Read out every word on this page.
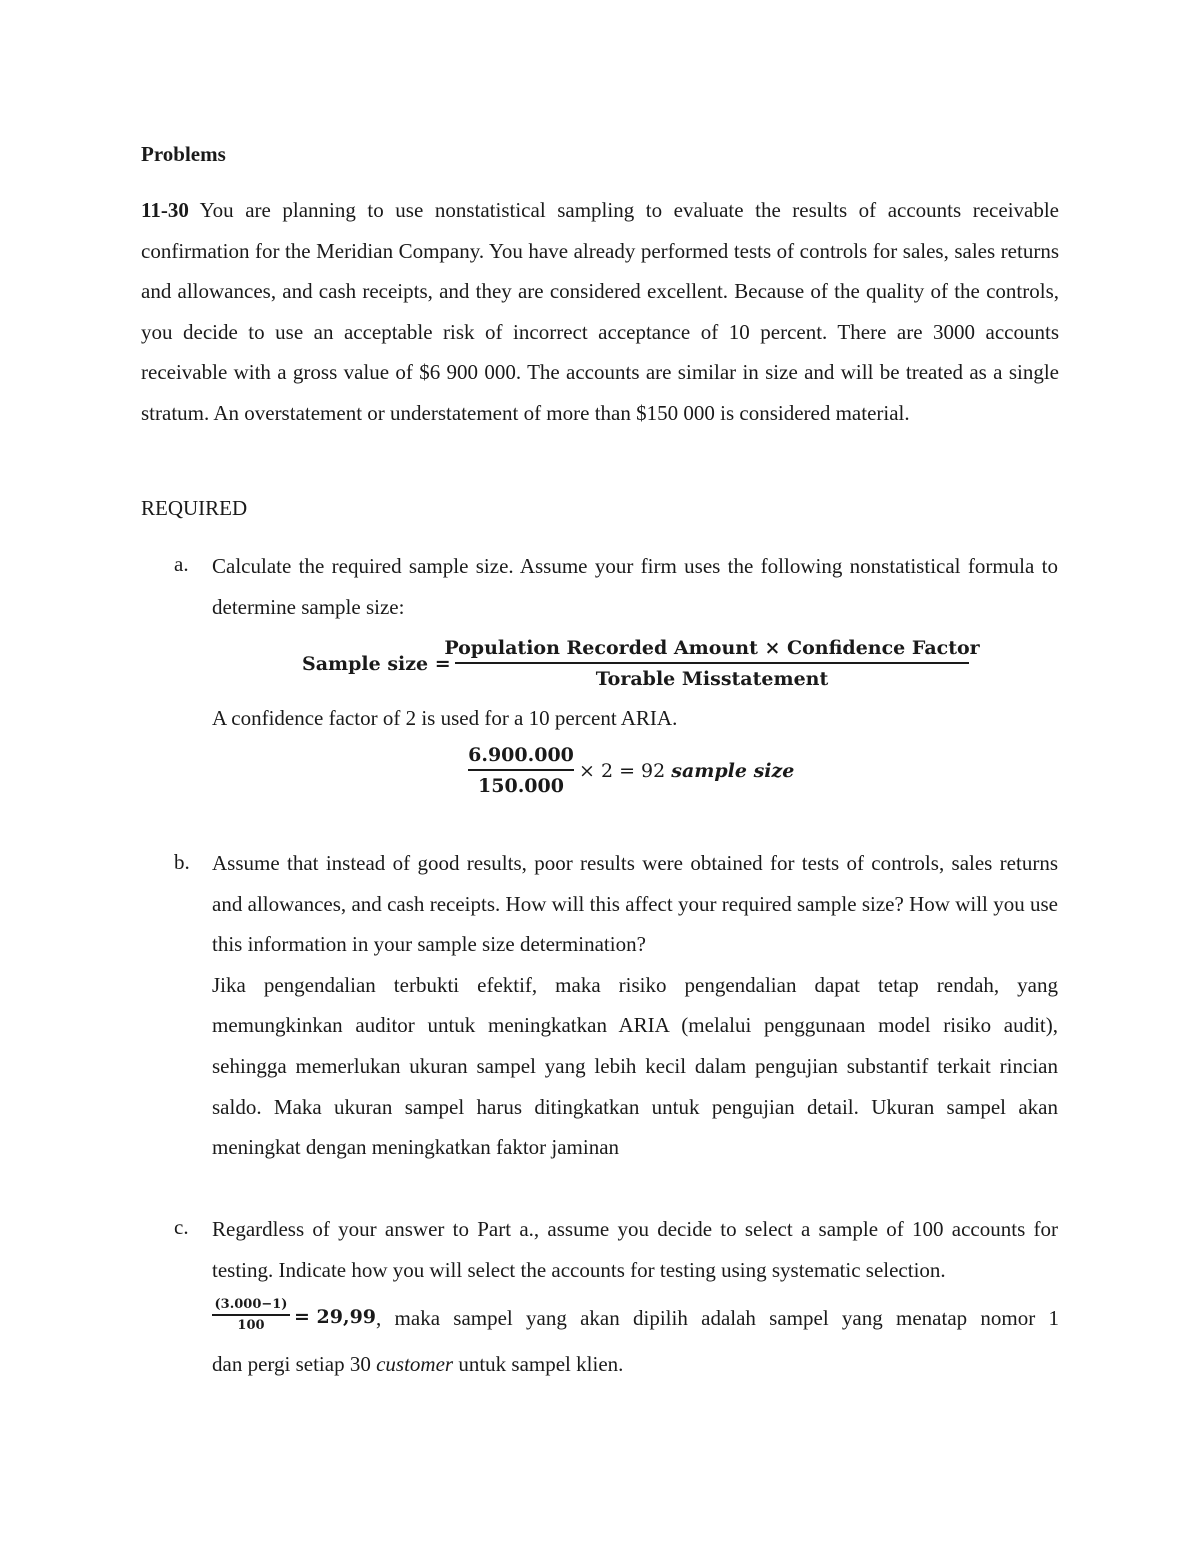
Problems
11-30 You are planning to use nonstatistical sampling to evaluate the results of accounts receivable confirmation for the Meridian Company. You have already performed tests of controls for sales, sales returns and allowances, and cash receipts, and they are considered excellent. Because of the quality of the controls, you decide to use an acceptable risk of incorrect acceptance of 10 percent. There are 3000 accounts receivable with a gross value of $6 900 000. The accounts are similar in size and will be treated as a single stratum. An overstatement or understatement of more than $150 000 is considered material.
REQUIRED
a. Calculate the required sample size. Assume your firm uses the following nonstatistical formula to determine sample size:
Sample size =
Population Recorded Amount × Confidence Factor
Torable Misstatement
A confidence factor of 2 is used for a 10 percent ARIA.
6.900.000
150.000
× 2 = 92 sample size
b. Assume that instead of good results, poor results were obtained for tests of controls, sales returns and allowances, and cash receipts. How will this affect your required sample size? How will you use this information in your sample size determination?
Jika pengendalian terbukti efektif, maka risiko pengendalian dapat tetap rendah, yang memungkinkan auditor untuk meningkatkan ARIA (melalui penggunaan model risiko audit), sehingga memerlukan ukuran sampel yang lebih kecil dalam pengujian substantif terkait rincian saldo. Maka ukuran sampel harus ditingkatkan untuk pengujian detail. Ukuran sampel akan meningkat dengan meningkatkan faktor jaminan
c. Regardless of your answer to Part a., assume you decide to select a sample of 100 accounts for testing. Indicate how you will select the accounts for testing using systematic selection.
(3.000−1)
100 = 29,99 , maka sampel yang akan dipilih adalah sampel yang menatap nomor 1
dan pergi setiap 30 customer untuk sampel klien.
